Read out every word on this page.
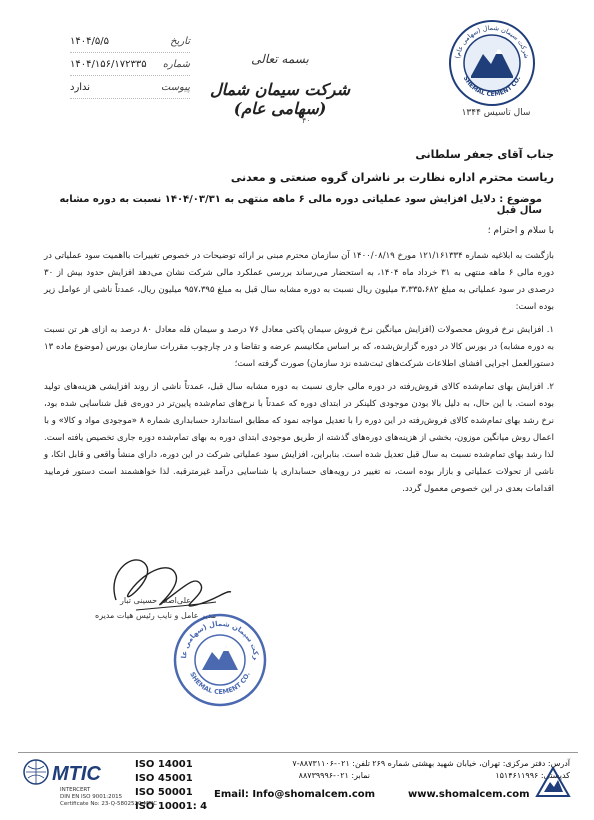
۱۴۰۴/۵/۵	تاریخ
۱۴۰۴/۱۵۶/۱۷۲۳۳۵ شماره
ندارد	پیوست
بسمه تعالی
شرکت سیمان شمال (سهامی عام)
۴۰
شرکت سیمان شمال (سهامی عام)
SHEMAL CEMENT CO.
سال تاسیس ۱۳۴۴
جناب آقای جعفر سلطانی
ریاست محترم اداره نظارت بر ناشران گروه صنعتی و معدنی
موضوع : دلایل افزایش سود عملیاتی دوره مالی ۶ ماهه منتهی به ۱۴۰۴/۰۳/۳۱ نسبت به دوره مشابه سال قبل
با سلام و احترام ؛

بازگشت به ابلاغیه شماره ۱۲۱/۱۶۱۳۳۴ مورخ ۱۴۰۰/۰۸/۱۹ آن سازمان محترم مبنی بر ارائه توضیحات در خصوص تغییرات بااهمیت سود عملیاتی در دوره مالی ۶ ماهه منتهی به ۳۱ خرداد ماه ۱۴۰۴، به استحضار می‌رساند بررسی عملکرد مالی شرکت نشان می‌دهد افزایش حدود بیش از ۳۰ درصدی در سود عملیاتی به مبلغ ۳،۳۳۵،۶۸۲ میلیون ریال نسبت به دوره مشابه سال قبل به مبلغ ۹۵۷،۳۹۵ میلیون ریال، عمدتاً ناشی از عوامل زیر بوده است:

۱. افزایش نرخ فروش محصولات (افزایش میانگین نرخ فروش سیمان پاکتی معادل ۷۶ درصد و سیمان فله معادل ۸۰ درصد به ازای هر تن نسبت به دوره مشابه) در بورس کالا در دوره گزارش‌شده، که بر اساس مکانیسم عرضه و تقاضا و در چارچوب مقررات سازمان بورس (موضوع ماده ۱۳ دستورالعمل اجرایی افشای اطلاعات شرکت‌های ثبت‌شده نزد سازمان) صورت گرفته است؛

۲. افزایش بهای تمام‌شده کالای فروش‌رفته در دوره مالی جاری نسبت به دوره مشابه سال قبل، عمدتاً ناشی از روند افزایشی هزینه‌های تولید بوده است. با این حال، به دلیل بالا بودن موجودی کلینکر در ابتدای دوره که عمدتاً با نرخ‌های تمام‌شده پایین‌تر در دوره‌ی قبل شناسایی شده بود، نرخ رشد بهای تمام‌شده کالای فروش‌رفته در این دوره را با تعدیل مواجه نمود که مطابق استاندارد حسابداری شماره ۸ «موجودی مواد و کالا» و با اعمال روش میانگین موزون، بخشی از هزینه‌های دوره‌های گذشته از طریق موجودی ابتدای دوره به بهای تمام‌شده دوره جاری تخصیص یافته است. لذا رشد بهای تمام‌شده نسبت به سال قبل تعدیل شده است. بنابراین، افزایش سود عملیاتی شرکت در این دوره، دارای منشأ واقعی و قابل اتکا، و ناشی از تحولات عملیاتی و بازار بوده است، نه تغییر در رویه‌های حسابداری یا شناسایی درآمد غیرمترقبه. لذا خواهشمند است دستور فرمایید اقدامات بعدی در این خصوص معمول گردد.

علی‌اصغر حسینی تبار
مدیر عامل و نایب رئیس هیات مدیره
رکت سیمان شمال (سهامی عا
SHEMAL CEMENT CO.
MTIC
INTERCERT
DIN EN ISO 9001:2015
Certificate No: 23-Q-5802520-MTIC
ISO 14001
ISO 45001
ISO 50001
ISO 10001: 4
تلفن: ۰۲۱-۸۸۷۳۱۱۰۶-۷
نمابر: ۰۲۱-۸۸۷۳۹۹۹۶
Email: Info@shomalcem.com
آدرس: دفتر مرکزی: تهران، خیابان شهید بهشتی شماره ۲۶۹
کدپستی: ۱۵۱۴۶۱۱۹۹۶
www.shomalcem.com
